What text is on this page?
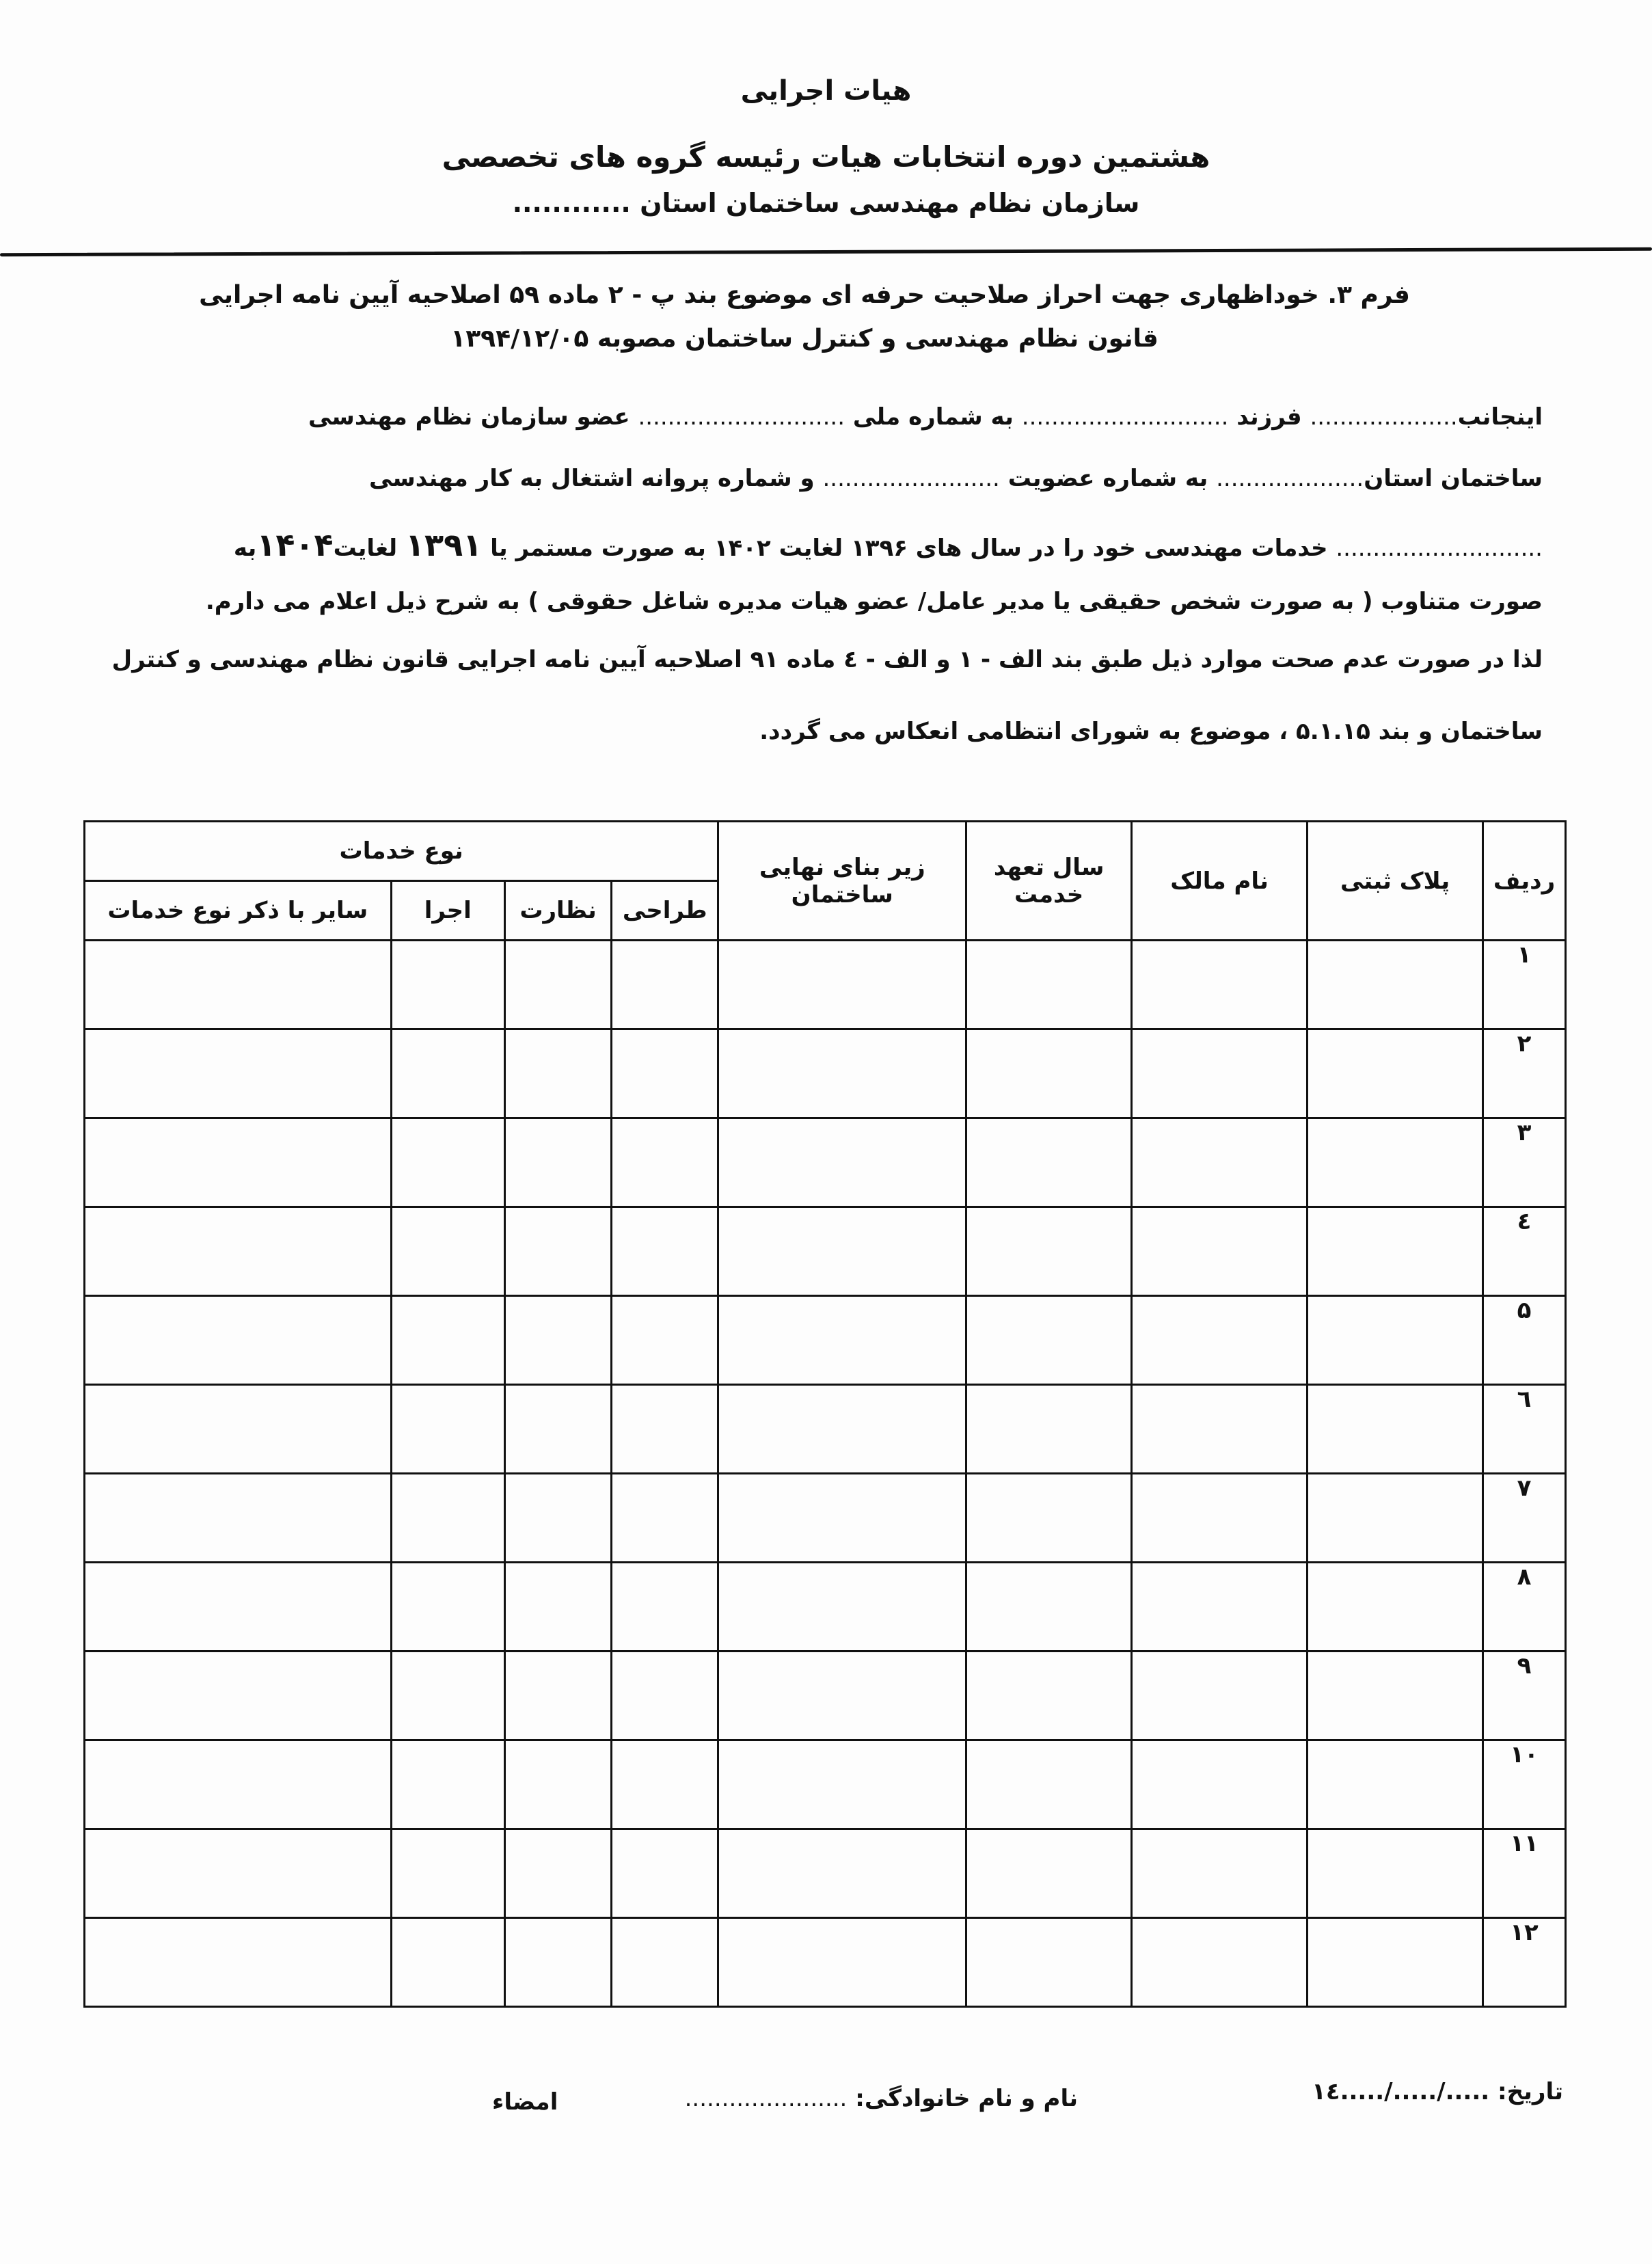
هیات اجرایی
هشتمین دوره انتخابات هیات رئیسه گروه های تخصصی
سازمان نظام مهندسی ساختمان استان ............
فرم ۳. خوداظهاری جهت احراز صلاحیت حرفه ای موضوع بند پ - ۲ ماده ۵۹ اصلاحیه آیین نامه اجرایی
قانون نظام مهندسی و کنترل ساختمان مصوبه ۱۳۹۴/۱۲/۰۵
اینجانب.................... فرزند ............................ به شماره ملی ............................ عضو سازمان نظام مهندسی
ساختمان استان.................... به شماره عضویت ........................ و شماره پروانه اشتغال به کار مهندسی
............................ خدمات مهندسی خود را در سال های ۱۳۹۶ لغایت ۱۴۰۲ به صورت مستمر یا ۱۳۹۱ لغایت۱۴۰۴به
صورت متناوب ( به صورت شخص حقیقی یا مدیر عامل/ عضو هیات مدیره شاغل حقوقی ) به شرح ذیل اعلام می دارم.
لذا در صورت عدم صحت موارد ذیل طبق بند الف - ۱ و الف - ٤ ماده ۹۱ اصلاحیه آیین نامه اجرایی قانون نظام مهندسی و کنترل
ساختمان و بند ۵.۱.۱۵ ، موضوع به شورای انتظامی انعکاس می گردد.
ردیف	پلاک ثبتی	نام مالک	سال تعهد خدمت	زیر بنای نهایی ساختمان	نوع خدمات			
					طراحی	نظارت	اجرا	سایر با ذکر نوع خدمات
۱								
۲								
۳								
٤								
۵								
٦								
۷								
۸								
۹								
۱۰								
۱۱								
۱۲								
تاریخ: ...../...../.....۱٤
نام و نام خانوادگی: ......................
امضاء
